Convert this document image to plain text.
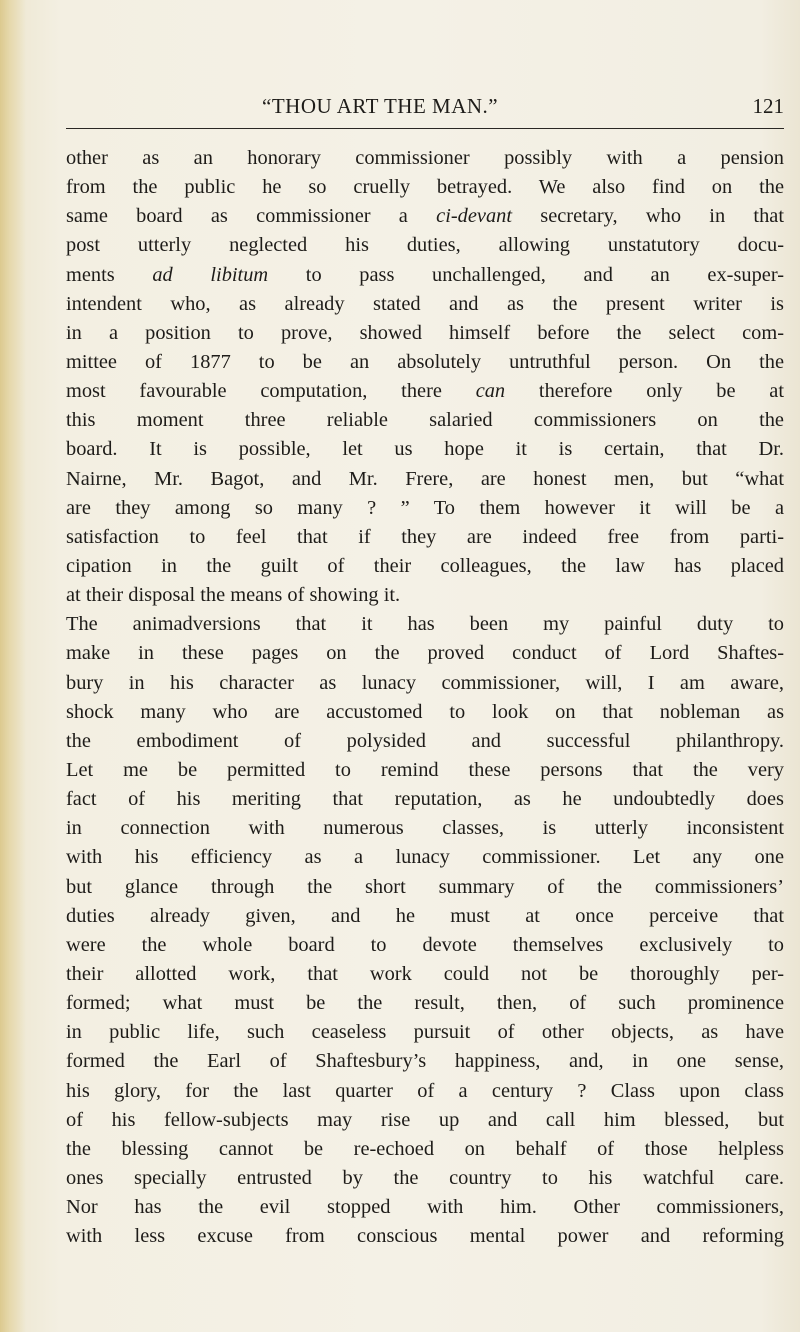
“THOU ART THE MAN.”	121
other as an honorary commissioner possibly with a pension
from the public he so cruelly betrayed. We also find on the
same board as commissioner a ci-devant secretary, who in that
post utterly neglected his duties, allowing unstatutory docu-
ments ad libitum to pass unchallenged, and an ex-super-
intendent who, as already stated and as the present writer is
in a position to prove, showed himself before the select com-
mittee of 1877 to be an absolutely untruthful person. On the
most favourable computation, there can therefore only be at
this moment three reliable salaried commissioners on the
board. It is possible, let us hope it is certain, that Dr.
Nairne, Mr. Bagot, and Mr. Frere, are honest men, but “what
are they among so many ? ” To them however it will be a
satisfaction to feel that if they are indeed free from parti-
cipation in the guilt of their colleagues, the law has placed
at their disposal the means of showing it.
The animadversions that it has been my painful duty to
make in these pages on the proved conduct of Lord Shaftes-
bury in his character as lunacy commissioner, will, I am aware,
shock many who are accustomed to look on that nobleman as
the embodiment of polysided and successful philanthropy.
Let me be permitted to remind these persons that the very
fact of his meriting that reputation, as he undoubtedly does
in connection with numerous classes, is utterly inconsistent
with his efficiency as a lunacy commissioner. Let any one
but glance through the short summary of the commissioners’
duties already given, and he must at once perceive that
were the whole board to devote themselves exclusively to
their allotted work, that work could not be thoroughly per-
formed; what must be the result, then, of such prominence
in public life, such ceaseless pursuit of other objects, as have
formed the Earl of Shaftesbury’s happiness, and, in one sense,
his glory, for the last quarter of a century ? Class upon class
of his fellow-subjects may rise up and call him blessed, but
the blessing cannot be re-echoed on behalf of those helpless
ones specially entrusted by the country to his watchful care.
Nor has the evil stopped with him. Other commissioners,
with less excuse from conscious mental power and reforming
